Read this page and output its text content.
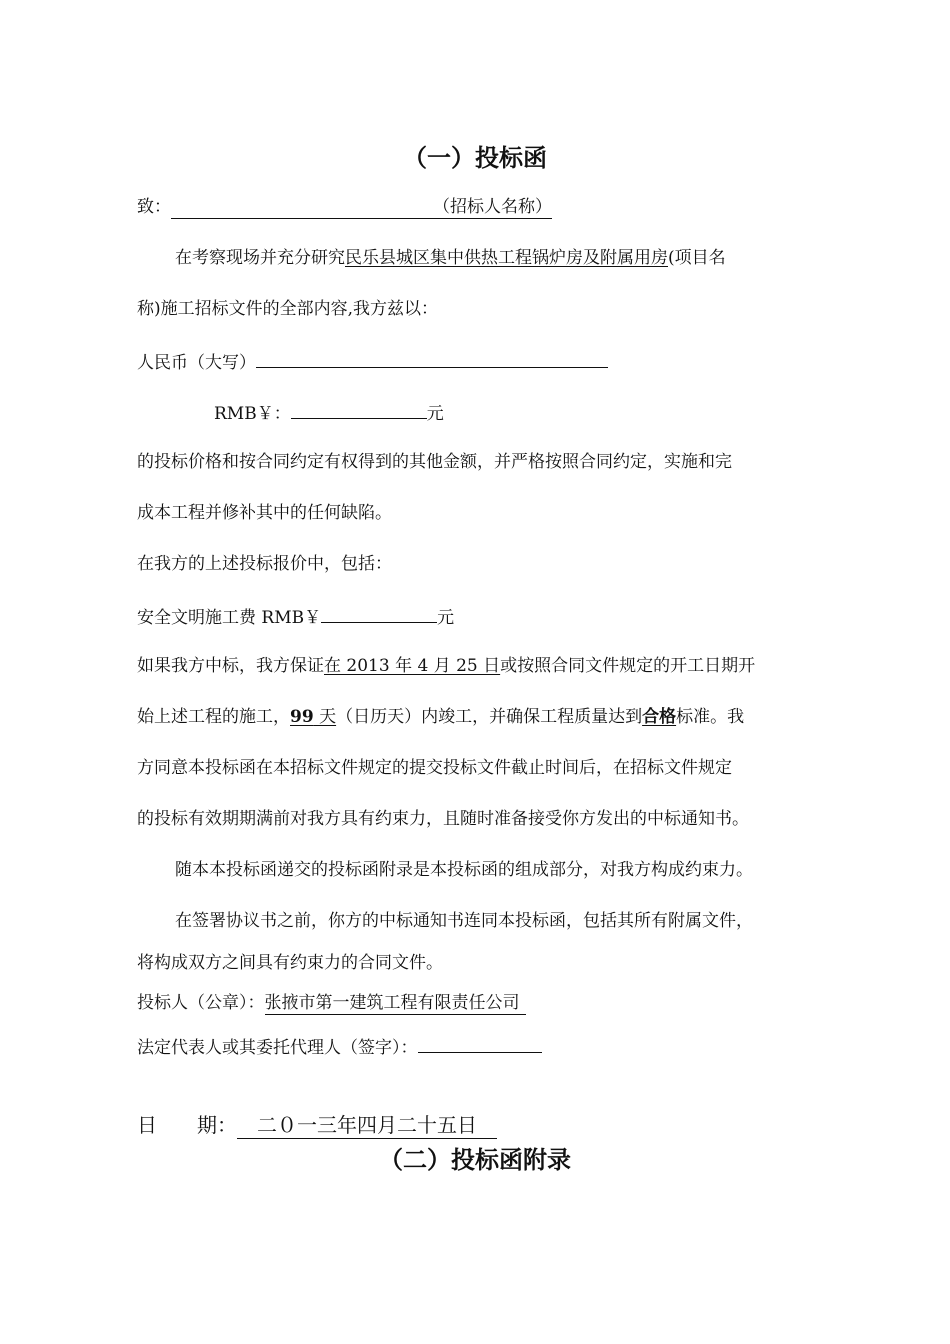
（一）投标函
致：	（招标人名称）
在考察现场并充分研究民乐县城区集中供热工程锅炉房及附属用房(项目名
称)施工招标文件的全部内容,我方兹以：
人民币（大写）
RMB￥：	元
的投标价格和按合同约定有权得到的其他金额，并严格按照合同约定，实施和完
成本工程并修补其中的任何缺陷。
在我方的上述投标报价中，包括：
安全文明施工费 RMB￥	元
如果我方中标，我方保证在 2013 年 4 月 25 日或按照合同文件规定的开工日期开
始上述工程的施工，99 天（日历天）内竣工，并确保工程质量达到合格标准。我
方同意本投标函在本招标文件规定的提交投标文件截止时间后，在招标文件规定
的投标有效期期满前对我方具有约束力，且随时准备接受你方发出的中标通知书。
随本本投标函递交的投标函附录是本投标函的组成部分，对我方构成约束力。
在签署协议书之前，你方的中标通知书连同本投标函，包括其所有附属文件，
将构成双方之间具有约束力的合同文件。
投标人（公章）：张掖市第一建筑工程有限责任公司
法定代表人或其委托代理人（签字）：
日　　期：　二０一三年四月二十五日　
（二）投标函附录
